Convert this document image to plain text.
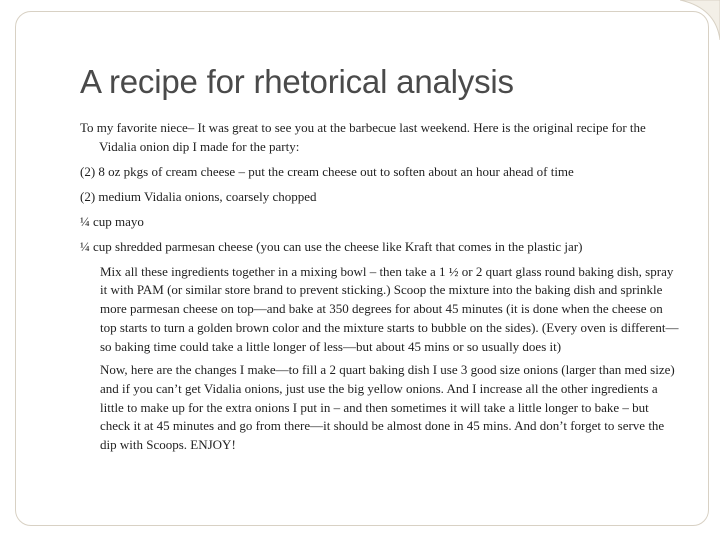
A recipe for rhetorical analysis

To my favorite niece– It was great to see you at the barbecue last weekend. Here is the original recipe for the Vidalia onion dip I made for the party:

(2) 8 oz pkgs of cream cheese – put the cream cheese out to soften about an hour ahead of time

(2) medium Vidalia onions, coarsely chopped

¼ cup mayo

¼ cup shredded parmesan cheese (you can use the cheese like Kraft that comes in the plastic jar)

Mix all these ingredients together in a mixing bowl – then take a 1 ½ or 2 quart glass round baking dish, spray it with PAM (or similar store brand to prevent sticking.) Scoop the mixture into the baking dish and sprinkle more parmesan cheese on top—and bake at 350 degrees for about 45 minutes (it is done when the cheese on top starts to turn a golden brown color and the mixture starts to bubble on the sides). (Every oven is different—so baking time could take a little longer of less—but about 45 mins or so usually does it)

Now, here are the changes I make—to fill a 2 quart baking dish I use 3 good size onions (larger than med size) and if you can’t get Vidalia onions, just use the big yellow onions. And I increase all the other ingredients a little to make up for the extra onions I put in – and then sometimes it will take a little longer to bake – but check it at 45 minutes and go from there—it should be almost done in 45 mins. And don’t forget to serve the dip with Scoops. ENJOY!
